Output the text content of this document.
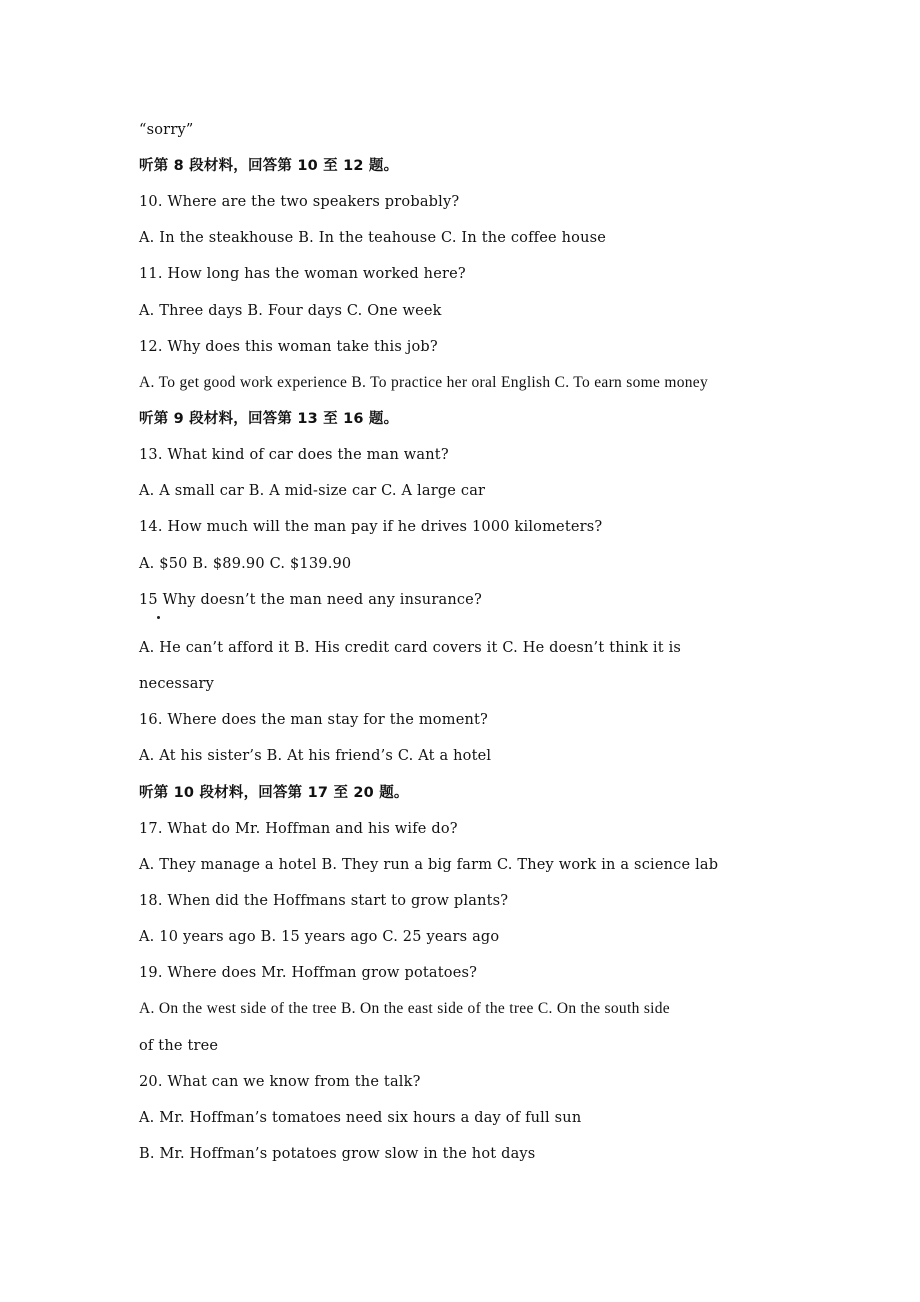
“sorry”
听第 8 段材料，回答第 10 至 12 题。
10. Where are the two speakers probably?
A. In the steakhouse B. In the teahouse C. In the coffee house
11. How long has the woman worked here?
A. Three days B. Four days C. One week
12. Why does this woman take this job?
A. To get good work experience B. To practice her oral English C. To earn some money
听第 9 段材料，回答第 13 至 16 题。
13. What kind of car does the man want?
A. A small car B. A mid-size car C. A large car
14. How much will the man pay if he drives 1000 kilometers?
A. $50 B. $89.90 C. $139.90
15 Why doesn’t the man need any insurance?
A. He can’t afford it B. His credit card covers it C. He doesn’t think it is
necessary
16. Where does the man stay for the moment?
A. At his sister’s B. At his friend’s C. At a hotel
听第 10 段材料，回答第 17 至 20 题。
17. What do Mr. Hoffman and his wife do?
A. They manage a hotel B. They run a big farm C. They work in a science lab
18. When did the Hoffmans start to grow plants?
A. 10 years ago B. 15 years ago C. 25 years ago
19. Where does Mr. Hoffman grow potatoes?
A. On the west side of the tree B. On the east side of the tree C. On the south side
of the tree
20. What can we know from the talk?
A. Mr. Hoffman’s tomatoes need six hours a day of full sun
B. Mr. Hoffman’s potatoes grow slow in the hot days
